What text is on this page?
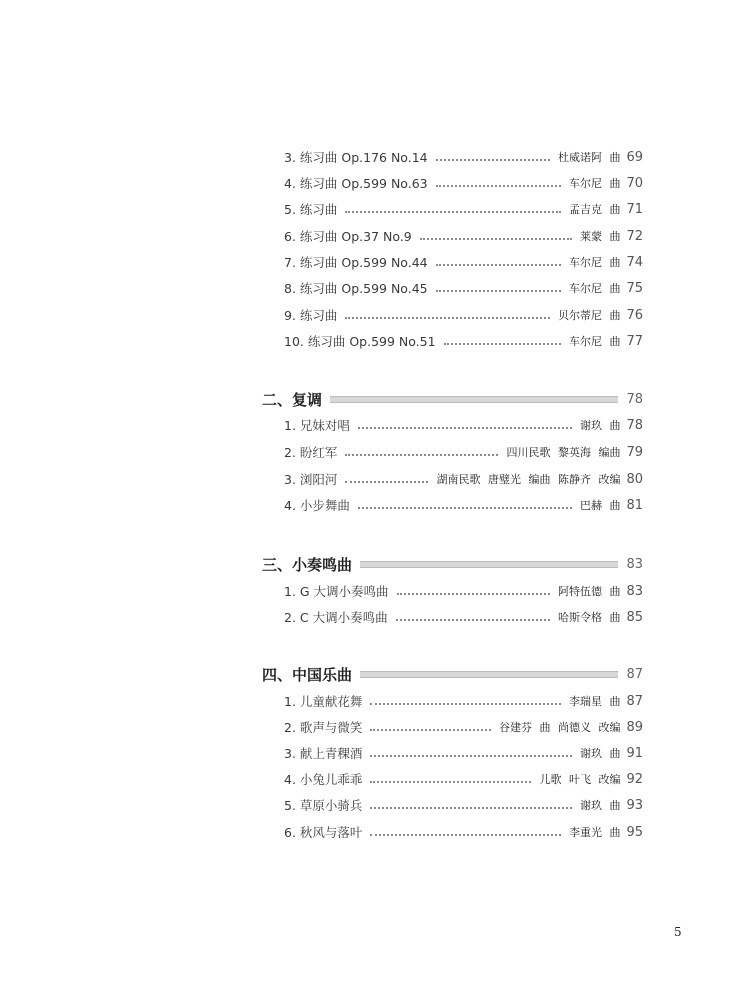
3. 练习曲 Op.176 No.14	杜威诺阿 曲 69
4. 练习曲 Op.599 No.63	车尔尼 曲 70
5. 练习曲	孟吉克 曲 71
6. 练习曲 Op.37 No.9	莱蒙 曲 72
7. 练习曲 Op.599 No.44	车尔尼 曲 74
8. 练习曲 Op.599 No.45	车尔尼 曲 75
9. 练习曲	贝尔蒂尼 曲 76
10. 练习曲 Op.599 No.51	车尔尼 曲 77
二、复调	78
1. 兄妹对唱	谢玖 曲 78
2. 盼红军	四川民歌 黎英海 编曲 79
3. 浏阳河	湖南民歌 唐璧光 编曲 陈静齐 改编 80
4. 小步舞曲	巴赫 曲 81
三、小奏鸣曲	83
1. G 大调小奏鸣曲	阿特伍德 曲 83
2. C 大调小奏鸣曲	哈斯令格 曲 85
四、中国乐曲	87
1. 儿童献花舞	李瑞星 曲 87
2. 歌声与微笑	谷建芬 曲 尚德义 改编 89
3. 献上青稞酒	谢玖 曲 91
4. 小兔儿乖乖	儿歌 叶飞 改编 92
5. 草原小骑兵	谢玖 曲 93
6. 秋风与落叶	李重光 曲 95
5
